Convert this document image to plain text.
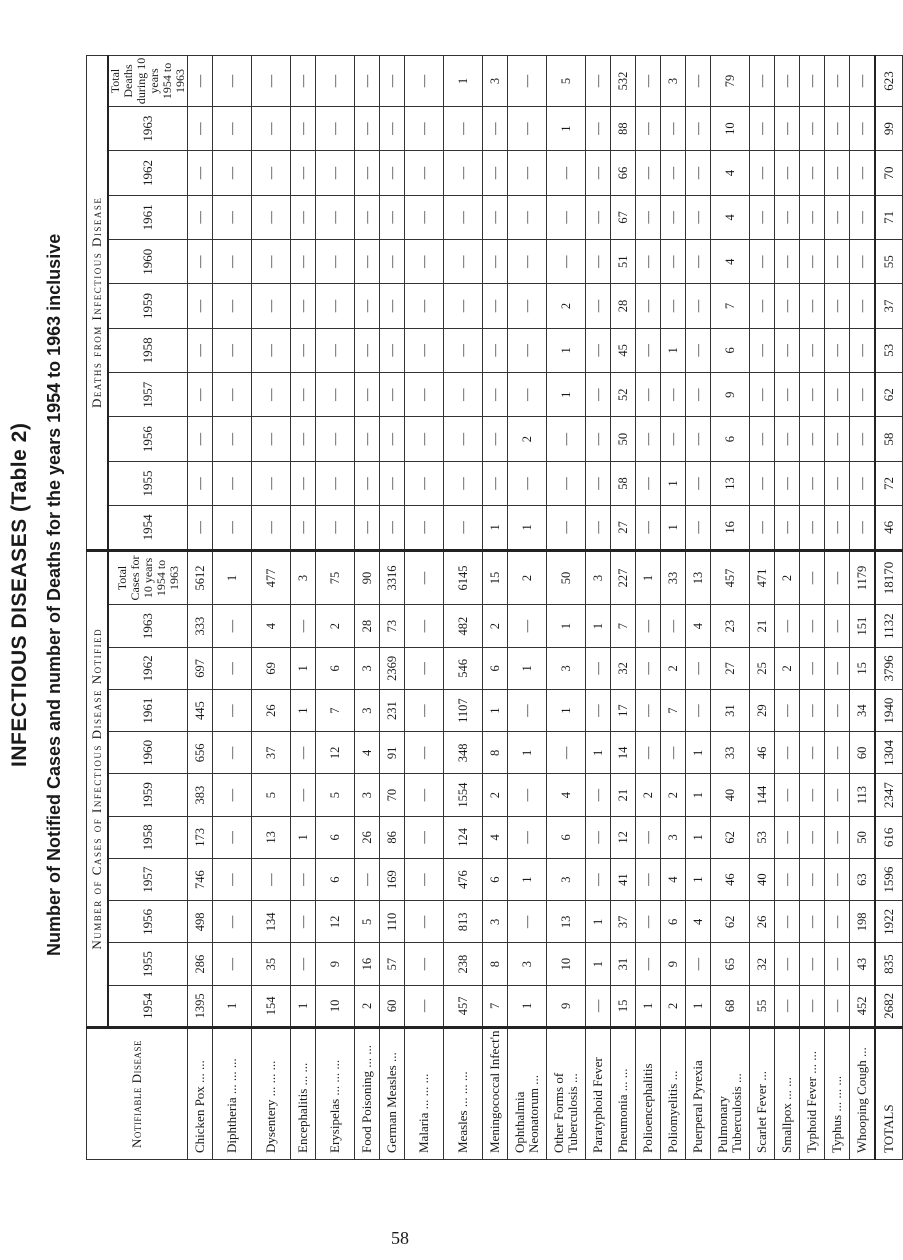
INFECTIOUS DISEASES (Table 2) Number of Notified Cases and number of Deaths for the years 1954 to 1963 inclusive
Notifiable Disease	Number of Cases of Infectious Disease Notified											Deaths from Infectious Disease										
	1954	1955	1956	1957	1958	1959	1960	1961	1962	1963	Total Cases for 10 years 1954 to 1963	1954	1955	1956	1957	1958	1959	1960	1961	1962	1963	Total Deaths during 10 years 1954 to 1963
Chicken Pox ... ...	1395	286	498	746	173	383	656	445	697	333	5612	—	—	—	—	—	—	—	—	—	—	—
Diphtheria ... ... ...	1	—	—	—	—	—	—	—	—	—	1	—	—	—	—	—	—	—	—	—	—	—
Dysentery ... ... ...	154	35	134	—	13	5	37	26	69	4	477	—	—	—	—	—	—	—	—	—	—	—
Encephalitis ... ...	1	—	—	—	1	—	—	1	1	—	3	—	—	—	—	—	—	—	—	—	—	—
Erysipelas ... ... ...	10	9	12	6	6	5	12	7	6	2	75	—	—	—	—	—	—	—	—	—	—	—
Food Poisoning ... ...	2	16	5	—	26	3	4	3	3	28	90	—	—	—	—	—	—	—	—	—	—	—
German Measles ...	60	57	110	169	86	70	91	231	2369	73	3316	—	—	—	—	—	—	—	—	—	—	—
Malaria ... ... ...	—	—	—	—	—	—	—	—	—	—	—	—	—	—	—	—	—	—	—	—	—	—
Measles ... ... ...	457	238	813	476	124	1554	348	1107	546	482	6145	—	—	—	—	—	—	—	—	—	—	1
Meningococcal Infect'n	7	8	3	6	4	2	8	1	6	2	15	1	—	—	—	—	—	—	—	—	—	3
Ophthalmia Neonatorum ...	1	3	—	1	—	—	1	—	1	—	2	1	—	2	—	—	—	—	—	—	—	—
Other Forms of Tuberculosis ...	9	10	13	3	6	4	—	1	3	1	50	—	—	—	1	1	2	—	—	—	1	5
Paratyphoid Fever	—	1	1	—	—	—	1	—	—	1	3	—	—	—	—	—	—	—	—	—	—	—
Pneumonia ... ...	15	31	37	41	12	21	14	17	32	7	227	27	58	50	52	45	28	51	67	66	88	532
Polioencephalitis	1	—	—	—	—	2	—	—	—	—	1	—	—	—	—	—	—	—	—	—	—	—
Poliomyelitis ...	2	9	6	4	3	2	—	7	2	—	33	1	1	—	—	1	—	—	—	—	—	3
Puerperal Pyrexia	1	—	4	1	1	1	1	—	—	4	13	—	—	—	—	—	—	—	—	—	—	—
Pulmonary Tuberculosis ...	68	65	62	46	62	40	33	31	27	23	457	16	13	6	9	6	7	4	4	4	10	79
Scarlet Fever ...	55	32	26	40	53	144	46	29	25	21	471	—	—	—	—	—	—	—	—	—	—	—
Smallpox ... ...	—	—	—	—	—	—	—	—	2	—	2	—	—	—	—	—	—	—	—	—	—	—
Typhoid Fever ... ...	—	—	—	—	—	—	—	—	—	—	—	—	—	—	—	—	—	—	—	—	—	—
Typhus ... ... ...	—	—	—	—	—	—	—	—	—	—	—	—	—	—	—	—	—	—	—	—	—	—
Whooping Cough ...	452	43	198	63	50	113	60	34	15	151	1179	—	—	—	—	—	—	—	—	—	—	—
TOTALS	2682	835	1922	1596	616	2347	1304	1940	3796	1132	18170	46	72	58	62	53	37	55	71	70	99	623
58
